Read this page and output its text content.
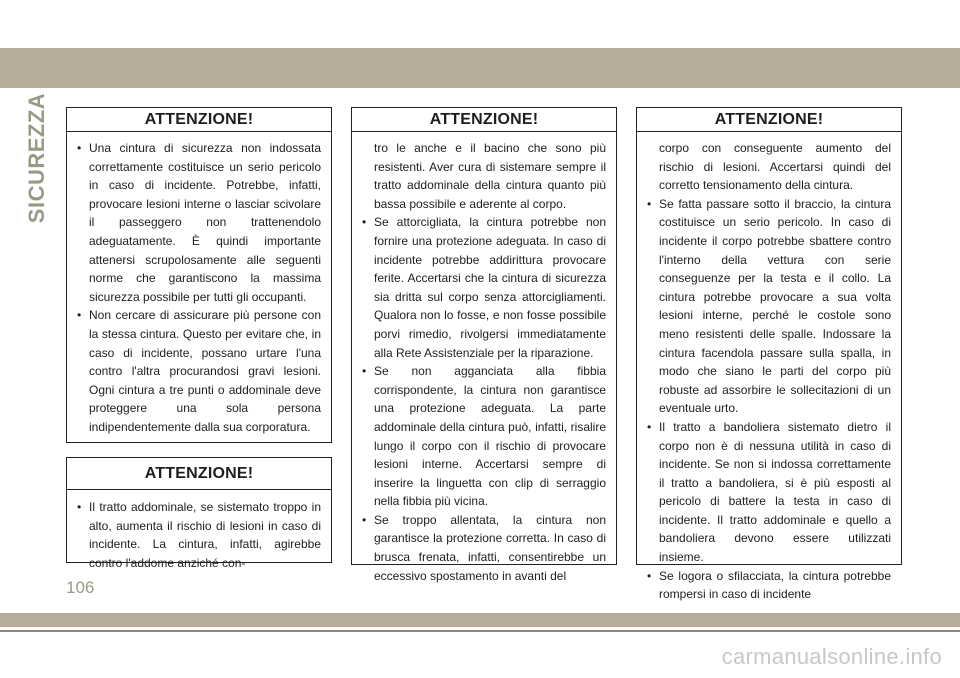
SICUREZZA	ATTENZIONE!
• Una cintura di sicurezza non indossata correttamente costituisce un serio pericolo in caso di incidente. Potrebbe, infatti, provocare lesioni interne o lasciar scivolare il passeggero non trattenendolo adeguatamente. È quindi importante attenersi scrupolosamente alle seguenti norme che garantiscono la massima sicurezza possibile per tutti gli occupanti.
• Non cercare di assicurare più persone con la stessa cintura. Questo per evitare che, in caso di incidente, possano urtare l'una contro l'altra procurandosi gravi lesioni. Ogni cintura a tre punti o addominale deve proteggere una sola persona indipendentemente dalla sua corporatura.
ATTENZIONE!
• Il tratto addominale, se sistemato troppo in alto, aumenta il rischio di lesioni in caso di incidente. La cintura, infatti, agirebbe contro l'addome anziché con-
ATTENZIONE!

tro le anche e il bacino che sono più resistenti. Aver cura di sistemare sempre il tratto addominale della cintura quanto più bassa possibile e aderente al corpo.

• Se attorcigliata, la cintura potrebbe non fornire una protezione adeguata. In caso di incidente potrebbe addirittura provocare ferite. Accertarsi che la cintura di sicurezza sia dritta sul corpo senza attorcigliamenti. Qualora non lo fosse, e non fosse possibile porvi rimedio, rivolgersi immediatamente alla Rete Assistenziale per la riparazione.
• Se non agganciata alla fibbia corrispondente, la cintura non garantisce una protezione adeguata. La parte addominale della cintura può, infatti, risalire lungo il corpo con il rischio di provocare lesioni interne. Accertarsi sempre di inserire la linguetta con clip di serraggio nella fibbia più vicina.
• Se troppo allentata, la cintura non garantisce la protezione corretta. In caso di brusca frenata, infatti, consentirebbe un eccessivo spostamento in avanti del
ATTENZIONE!

corpo con conseguente aumento del rischio di lesioni. Accertarsi quindi del corretto tensionamento della cintura.

• Se fatta passare sotto il braccio, la cintura costituisce un serio pericolo. In caso di incidente il corpo potrebbe sbattere contro l'interno della vettura con serie conseguenze per la testa e il collo. La cintura potrebbe provocare a sua volta lesioni interne, perché le costole sono meno resistenti delle spalle. Indossare la cintura facendola passare sulla spalla, in modo che siano le parti del corpo più robuste ad assorbire le sollecitazioni di un eventuale urto.
• Il tratto a bandoliera sistemato dietro il corpo non è di nessuna utilità in caso di incidente. Se non si indossa correttamente il tratto a bandoliera, si è più esposti al pericolo di battere la testa in caso di incidente. Il tratto addominale e quello a bandoliera devono essere utilizzati insieme.
• Se logora o sfilacciata, la cintura potrebbe rompersi in caso di incidente
106
carmanualsonline.info
